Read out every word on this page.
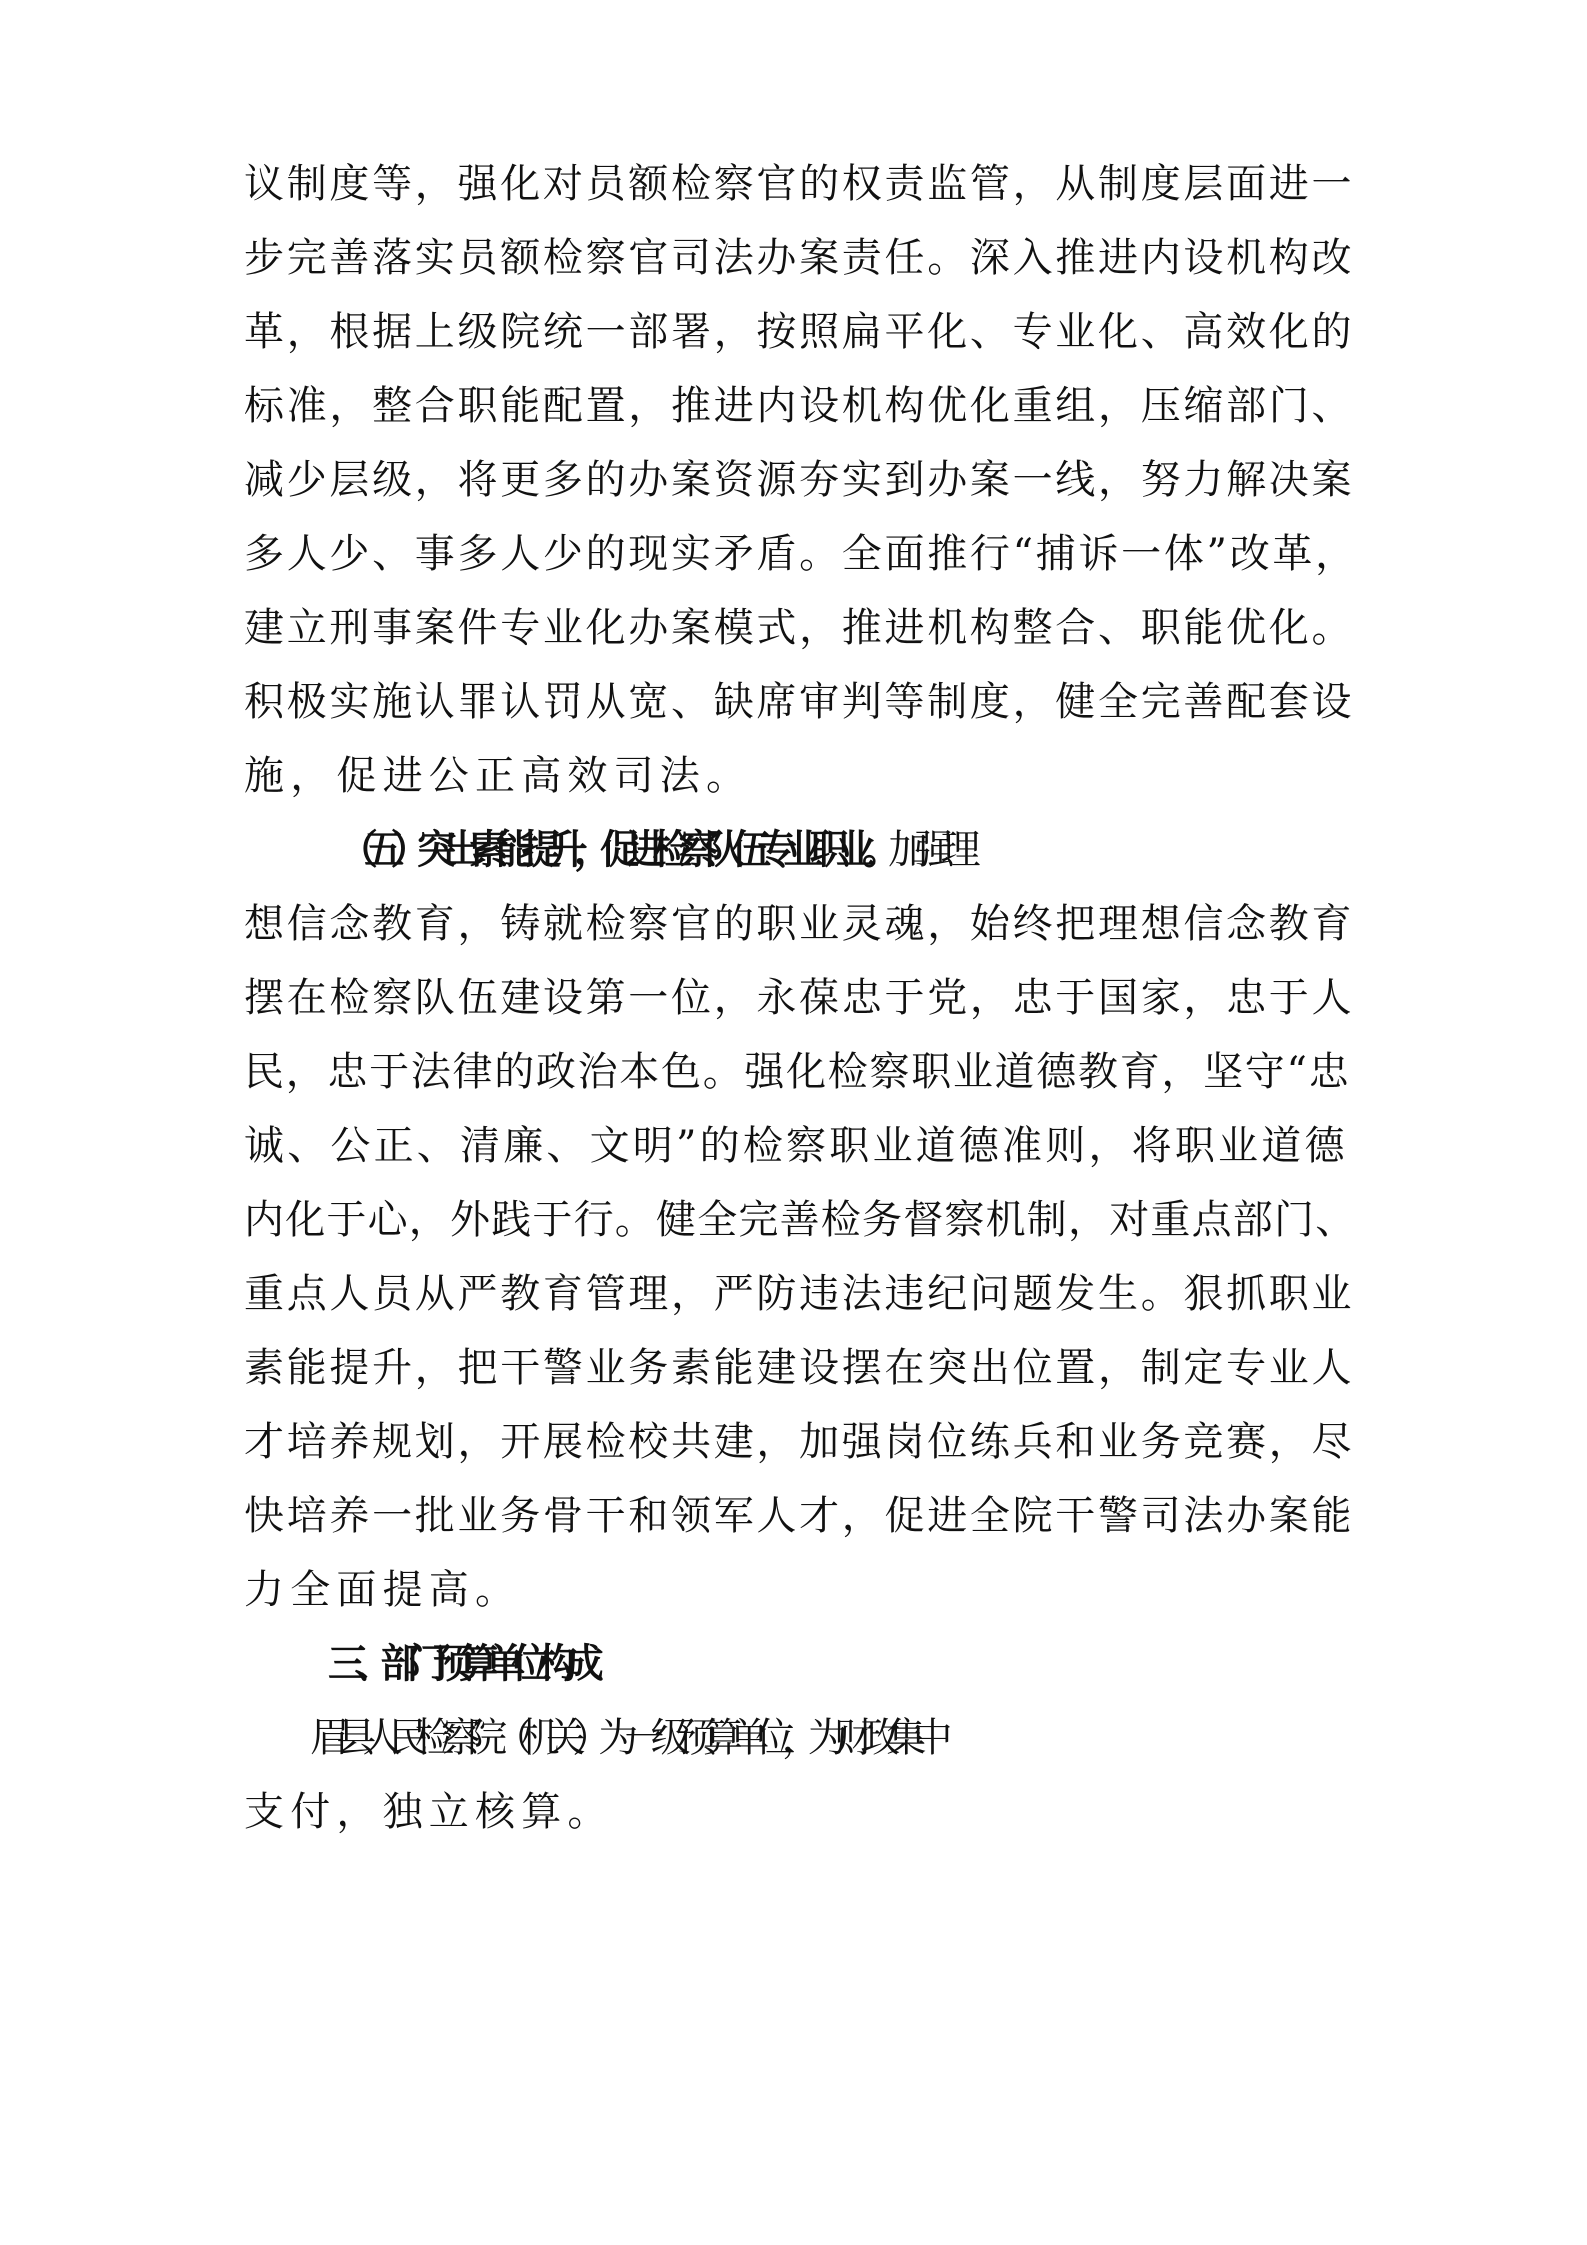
议制度等，强化对员额检察官的权责监管，从制度层面进一
步完善落实员额检察官司法办案责任。深入推进内设机构改
革，根据上级院统一部署，按照扁平化、专业化、高效化的
标准，整合职能配置，推进内设机构优化重组，压缩部门、
减少层级，将更多的办案资源夯实到办案一线，努力解决案
多人少、事多人少的现实矛盾。全面推行“捕诉一体”改革，
建立刑事案件专业化办案模式，推进机构整合、职能优化。
积极实施认罪认罚从宽、缺席审判等制度，健全完善配套设
施，促进公正高效司法。
（五）突出素能提升，促进检察队伍专业职业。加强理
想信念教育，铸就检察官的职业灵魂，始终把理想信念教育
摆在检察队伍建设第一位，永葆忠于党，忠于国家，忠于人
民，忠于法律的政治本色。强化检察职业道德教育，坚守“忠
诚、公正、清廉、文明”的检察职业道德准则，将职业道德
内化于心，外践于行。健全完善检务督察机制，对重点部门、
重点人员从严教育管理，严防违法违纪问题发生。狠抓职业
素能提升，把干警业务素能建设摆在突出位置，制定专业人
才培养规划，开展检校共建，加强岗位练兵和业务竞赛，尽
快培养一批业务骨干和领军人才，促进全院干警司法办案能
力全面提高。
三、部门预算单位构成
眉县人民检察院（机关）为一级预算单位，为财政集中
支付，独立核算。
